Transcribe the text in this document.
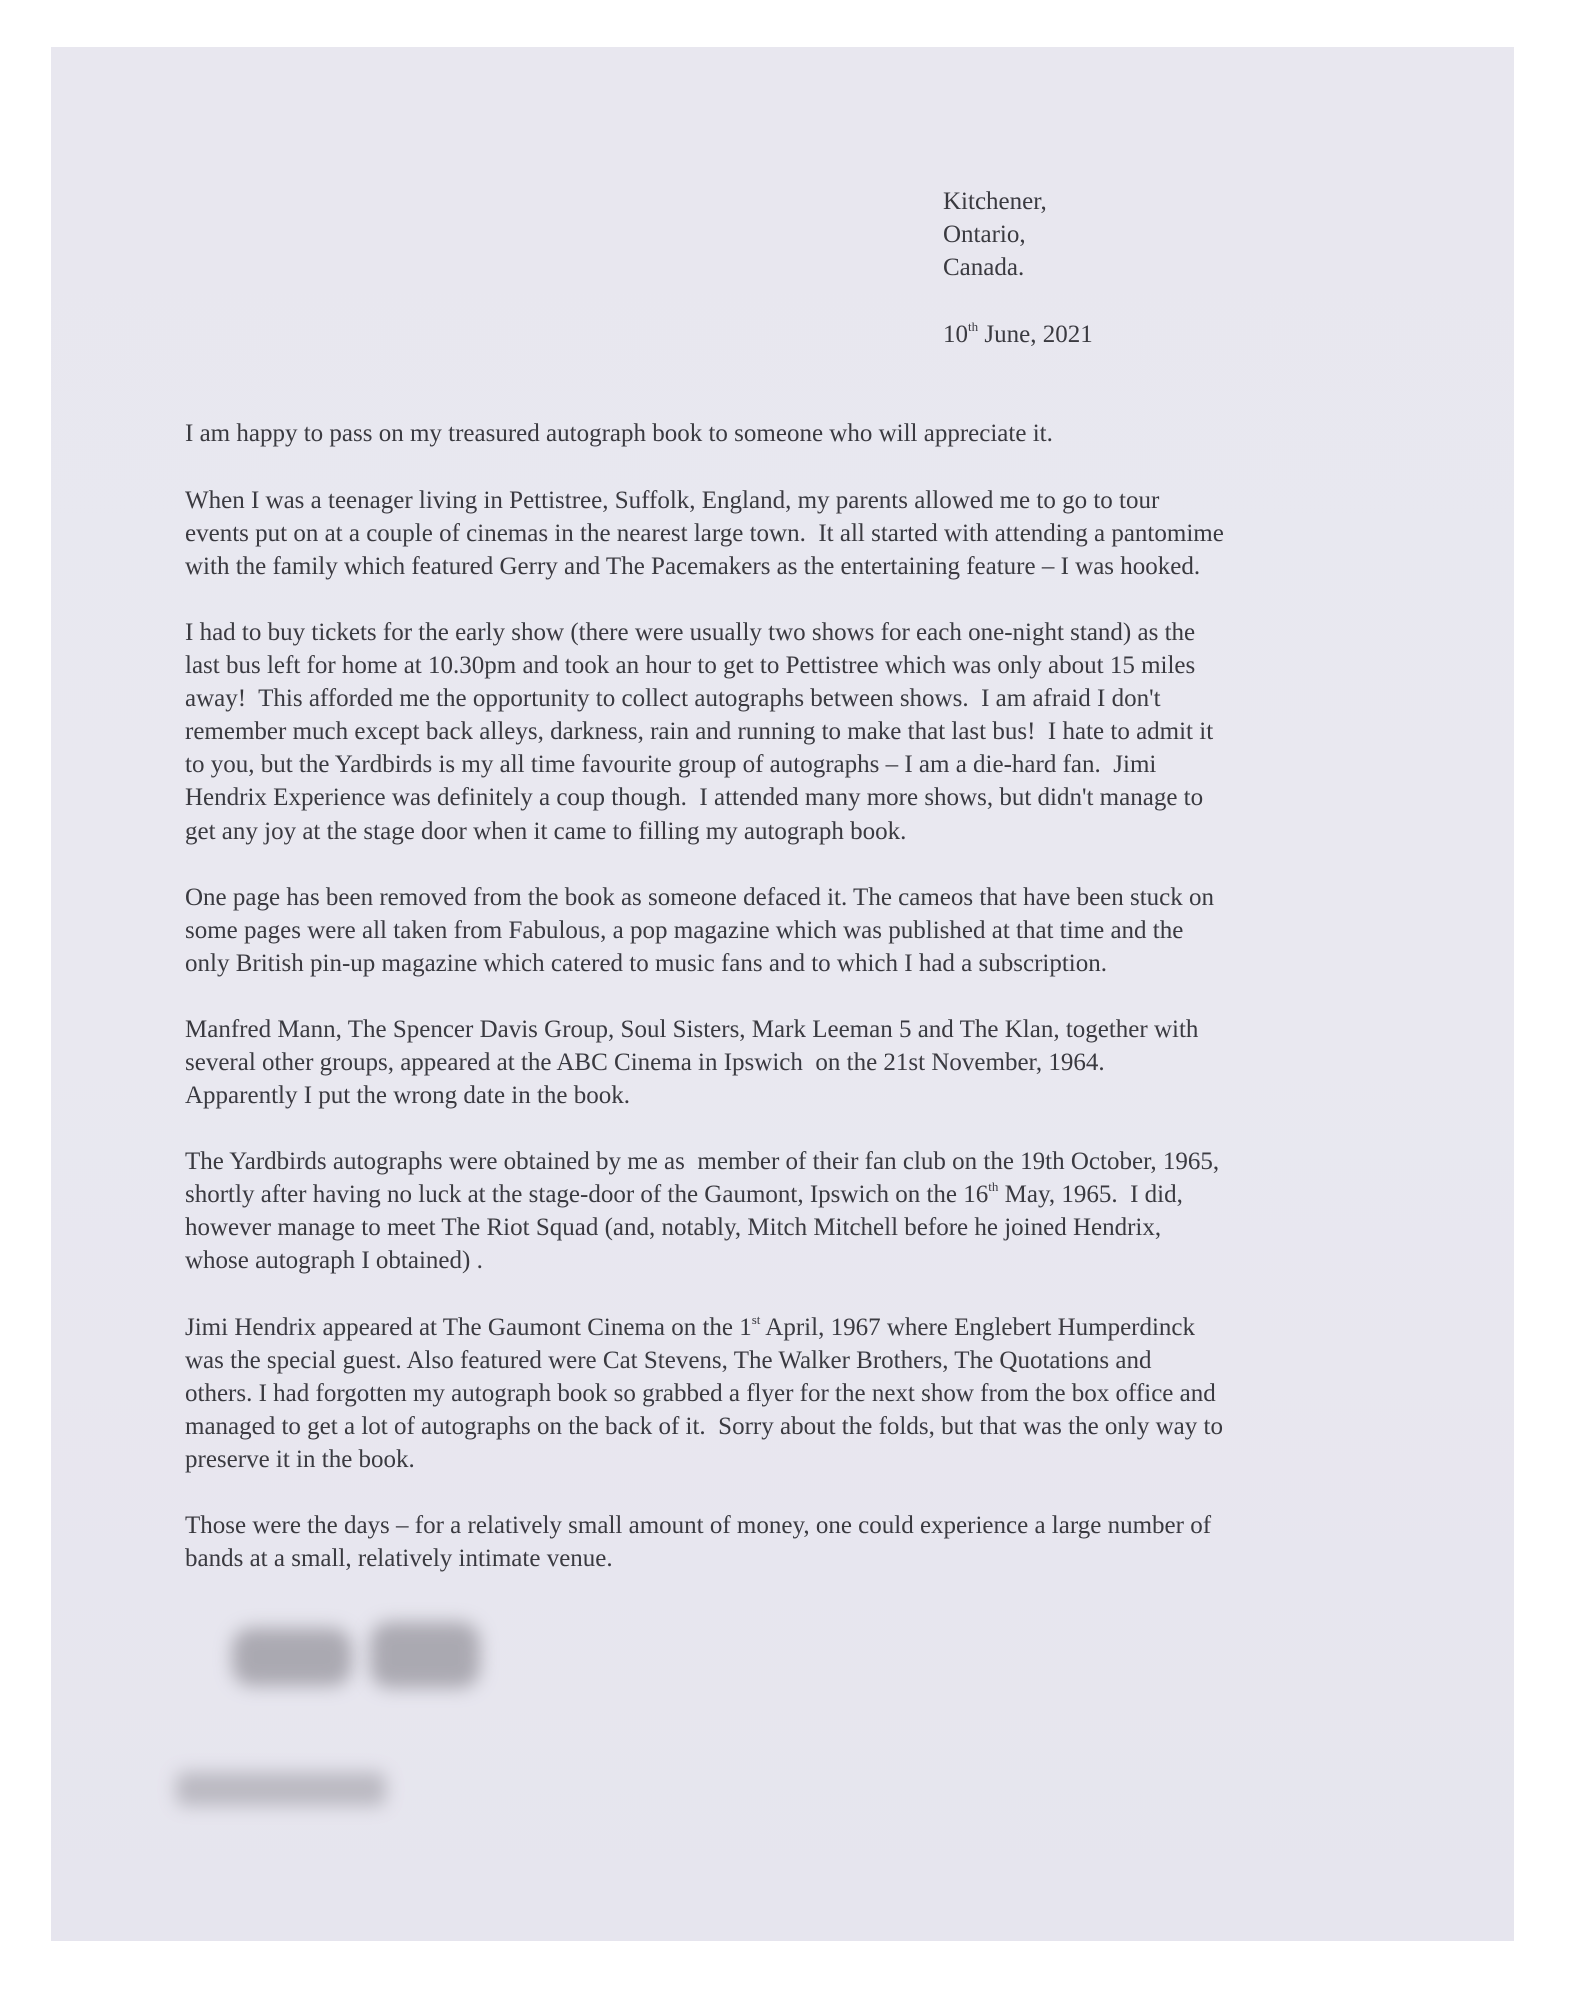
Kitchener,
Ontario,
Canada.
10th June, 2021
I am happy to pass on my treasured autograph book to someone who will appreciate it.
When I was a teenager living in Pettistree, Suffolk, England, my parents allowed me to go to tour
events put on at a couple of cinemas in the nearest large town.  It all started with attending a pantomime
with the family which featured Gerry and The Pacemakers as the entertaining feature – I was hooked.
I had to buy tickets for the early show (there were usually two shows for each one-night stand) as the
last bus left for home at 10.30pm and took an hour to get to Pettistree which was only about 15 miles
away!  This afforded me the opportunity to collect autographs between shows.  I am afraid I don't
remember much except back alleys, darkness, rain and running to make that last bus!  I hate to admit it
to you, but the Yardbirds is my all time favourite group of autographs – I am a die-hard fan.  Jimi
Hendrix Experience was definitely a coup though.  I attended many more shows, but didn't manage to
get any joy at the stage door when it came to filling my autograph book.
One page has been removed from the book as someone defaced it. The cameos that have been stuck on
some pages were all taken from Fabulous, a pop magazine which was published at that time and the
only British pin-up magazine which catered to music fans and to which I had a subscription.
Manfred Mann, The Spencer Davis Group, Soul Sisters, Mark Leeman 5 and The Klan, together with
several other groups, appeared at the ABC Cinema in Ipswich  on the 21st November, 1964.
Apparently I put the wrong date in the book.
The Yardbirds autographs were obtained by me as  member of their fan club on the 19th October, 1965,
shortly after having no luck at the stage-door of the Gaumont, Ipswich on the 16th May, 1965.  I did,
however manage to meet The Riot Squad (and, notably, Mitch Mitchell before he joined Hendrix,
whose autograph I obtained) .
Jimi Hendrix appeared at The Gaumont Cinema on the 1st April, 1967 where Englebert Humperdinck
was the special guest. Also featured were Cat Stevens, The Walker Brothers, The Quotations and
others. I had forgotten my autograph book so grabbed a flyer for the next show from the box office and
managed to get a lot of autographs on the back of it.  Sorry about the folds, but that was the only way to
preserve it in the book.
Those were the days – for a relatively small amount of money, one could experience a large number of
bands at a small, relatively intimate venue.
